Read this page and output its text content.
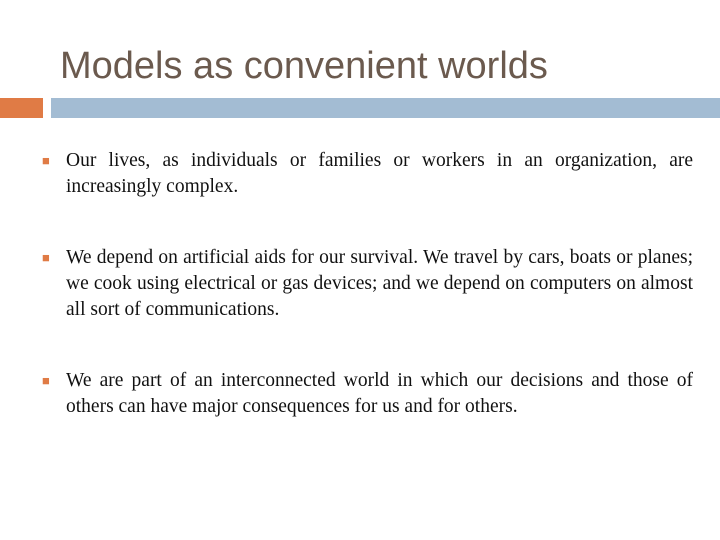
Models as convenient worlds
■ Our lives, as individuals or families or workers in an organization, are increasingly complex.
■ We depend on artificial aids for our survival. We travel by cars, boats or planes; we cook using electrical or gas devices; and we depend on computers on almost all sort of communications.
■ We are part of an interconnected world in which our decisions and those of others can have major consequences for us and for others.
